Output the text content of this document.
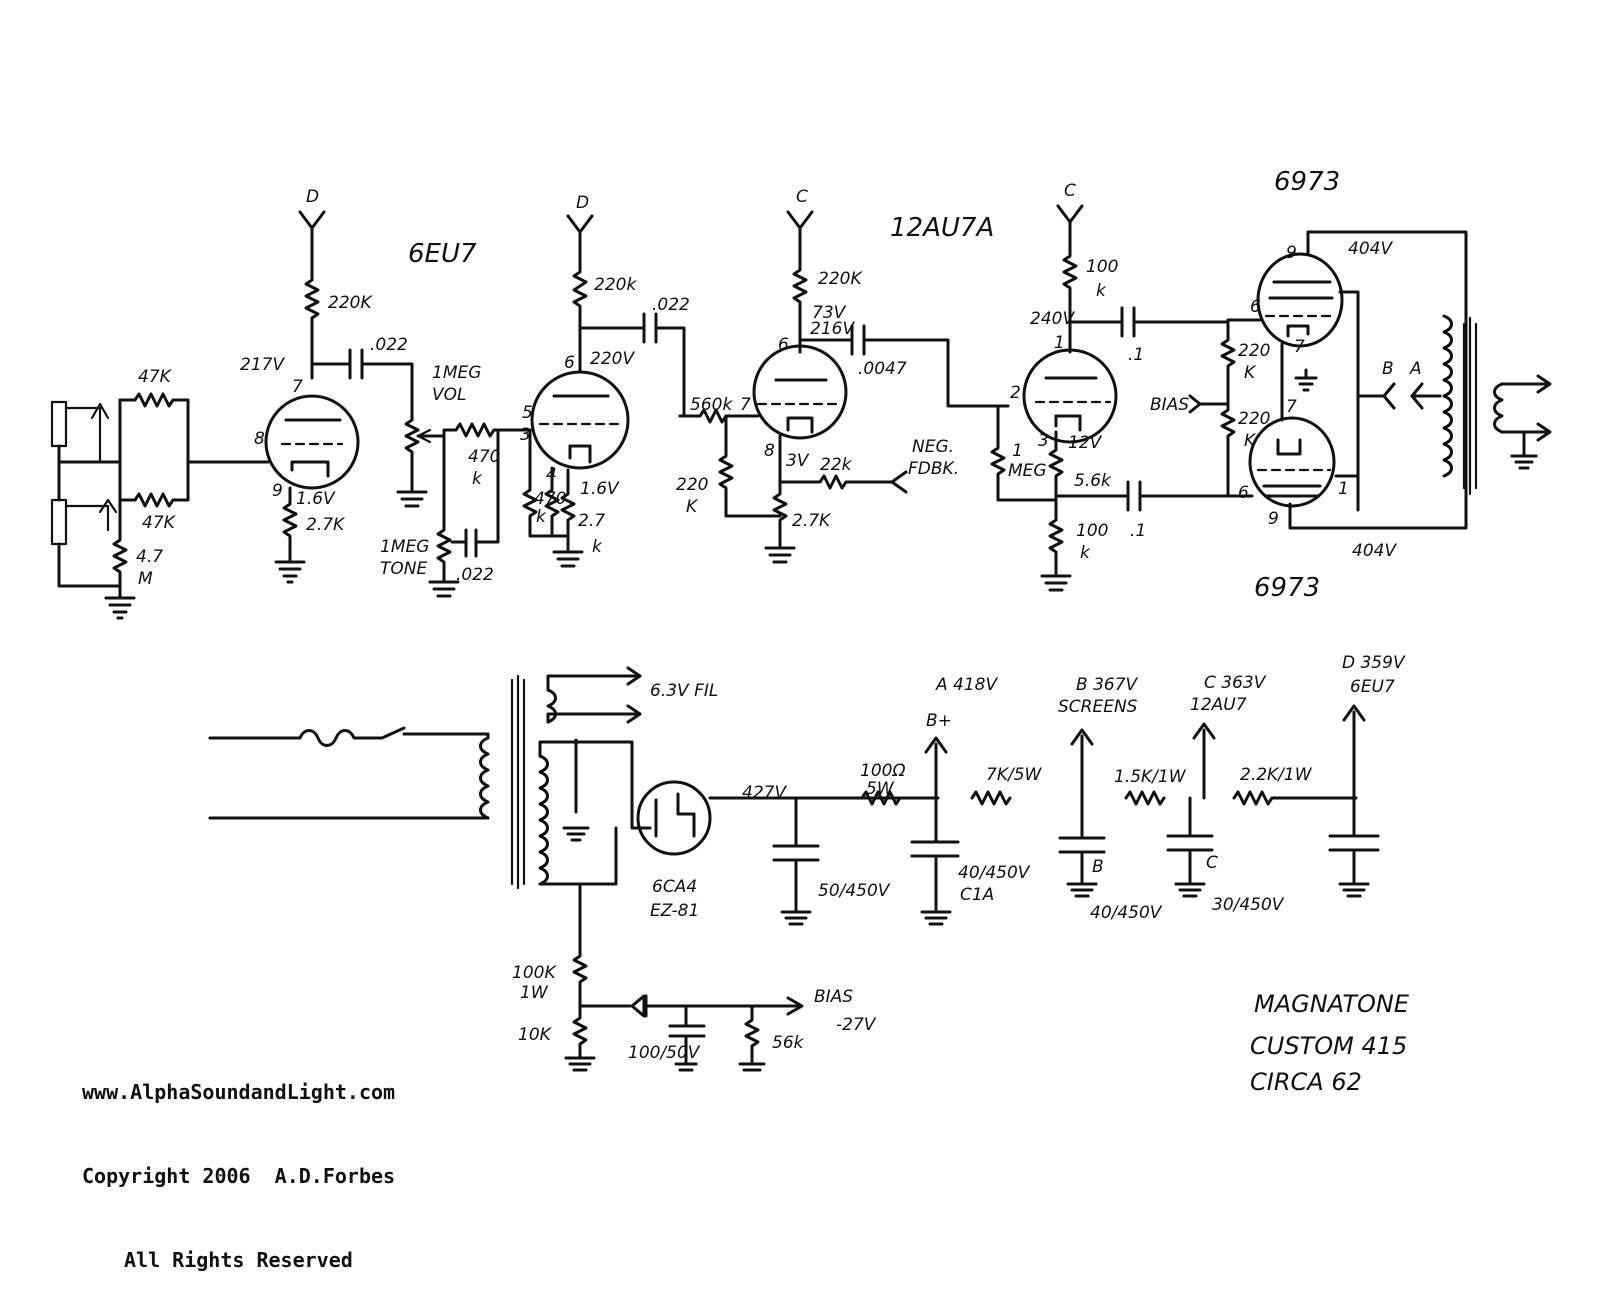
47K
47K
4.7
M
6EU7
D
220K
217V
.022
7
8
9 1.6V
2.7K
1MEG
VOL
470
k
1MEG
TONE .022
D
220k
.022
6 220V
5
3
4
1.6V
470
k 2.7
k
12AU7A
C
220K
73V
216V
.0047
6
7
560k
220
K
8 3V 22k
NEG.
FDBK.
2.7K
C
100
k
240V
.1
1
2
3 12V
1
MEG 5.6k
.1
100
k
220
K
220
K
BIAS
6973
6973
9	404V
6
7
7
6	1
9
404V
B A
6.3V FIL
6CA4
EZ-81
427V
50/450V
100Ω
5W
A 418V
B+
40/450V
C1A
7K/5W
B 367V
SCREENS
B
40/450V
1.5K/1W
C 363V
12AU7
C
30/450V
2.2K/1W
D 359V
6EU7
100K
1W	BIAS
-27V
10K
100/50V	56k
MAGNATONE
CUSTOM 415
CIRCA 62

www.AlphaSoundandLight.com

Copyright 2006  A.D.Forbes

All Rights Reserved
